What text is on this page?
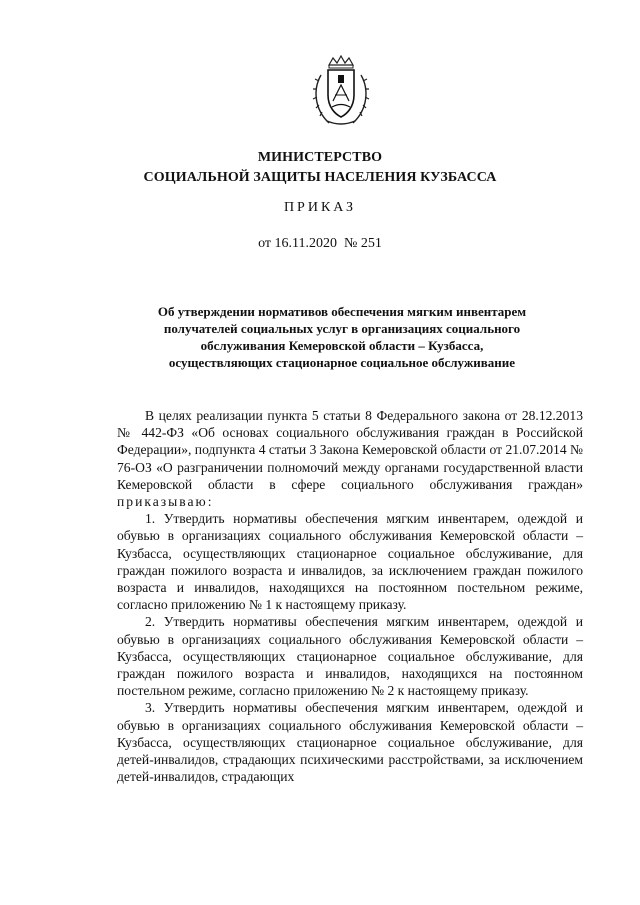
МИНИСТЕРСТВО
СОЦИАЛЬНОЙ ЗАЩИТЫ НАСЕЛЕНИЯ КУЗБАССА
ПРИКАЗ
от 16.11.2020  № 251
Об утверждении нормативов обеспечения мягким инвентарем
получателей социальных услуг в организациях социального
обслуживания Кемеровской области – Кузбасса,
осуществляющих стационарное социальное обслуживание

В целях реализации пункта 5 статьи 8 Федерального закона от 28.12.2013 № 442-ФЗ «Об основах социального обслуживания граждан в Российской Федерации», подпункта 4 статьи 3 Закона Кемеровской области от 21.07.2014 № 76-ОЗ «О разграничении полномочий между органами государственной власти Кемеровской области в сфере социального обслуживания граждан» приказываю:

1. Утвердить нормативы обеспечения мягким инвентарем, одеждой и обувью в организациях социального обслуживания Кемеровской области – Кузбасса, осуществляющих стационарное социальное обслуживание, для граждан пожилого возраста и инвалидов, за исключением граждан пожилого возраста и инвалидов, находящихся на постоянном постельном режиме, согласно приложению № 1 к настоящему приказу.

2. Утвердить нормативы обеспечения мягким инвентарем, одеждой и обувью в организациях социального обслуживания Кемеровской области – Кузбасса, осуществляющих стационарное социальное обслуживание, для граждан пожилого возраста и инвалидов, находящихся на постоянном постельном режиме, согласно приложению № 2 к настоящему приказу.

3. Утвердить нормативы обеспечения мягким инвентарем, одеждой и обувью в организациях социального обслуживания Кемеровской области – Кузбасса, осуществляющих стационарное социальное обслуживание, для детей-инвалидов, страдающих психическими расстройствами, за исключением детей-инвалидов, страдающих
